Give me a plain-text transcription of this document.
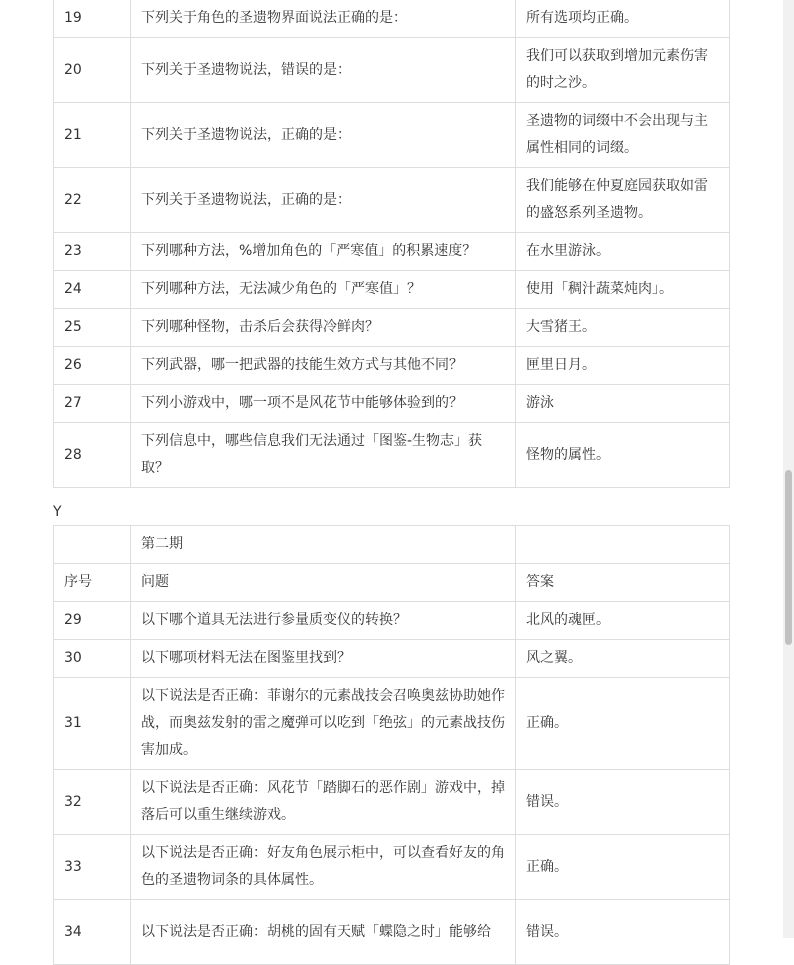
19	下列关于角色的圣遗物界面说法正确的是：	所有选项均正确。
20	下列关于圣遗物说法，错误的是：	我们可以获取到增加元素伤害的时之沙。
21	下列关于圣遗物说法，正确的是：	圣遗物的词缀中不会出现与主属性相同的词缀。
22	下列关于圣遗物说法，正确的是：	我们能够在仲夏庭园获取如雷的盛怒系列圣遗物。
23	下列哪种方法，%增加角色的「严寒值」的积累速度？	在水里游泳。
24	下列哪种方法，无法减少角色的「严寒值」？	使用「稠汁蔬菜炖肉」。
25	下列哪种怪物，击杀后会获得冷鲜肉？	大雪猪王。
26	下列武器，哪一把武器的技能生效方式与其他不同？	匣里日月。
27	下列小游戏中，哪一项不是风花节中能够体验到的？	游泳
28	下列信息中，哪些信息我们无法通过「图鉴-生物志」获取？	怪物的属性。
Y
	第二期	
序号	问题	答案
29	以下哪个道具无法进行参量质变仪的转换？	北风的魂匣。
30	以下哪项材料无法在图鉴里找到？	风之翼。
31	以下说法是否正确：菲谢尔的元素战技会召唤奥兹协助她作战，而奥兹发射的雷之魔弹可以吃到「绝弦」的元素战技伤害加成。	正确。
32	以下说法是否正确：风花节「踏脚石的恶作剧」游戏中，掉落后可以重生继续游戏。	错误。
33	以下说法是否正确：好友角色展示柜中，可以查看好友的角色的圣遗物词条的具体属性。	正确。
34	以下说法是否正确：胡桃的固有天赋「蝶隐之时」能够给	错误。
